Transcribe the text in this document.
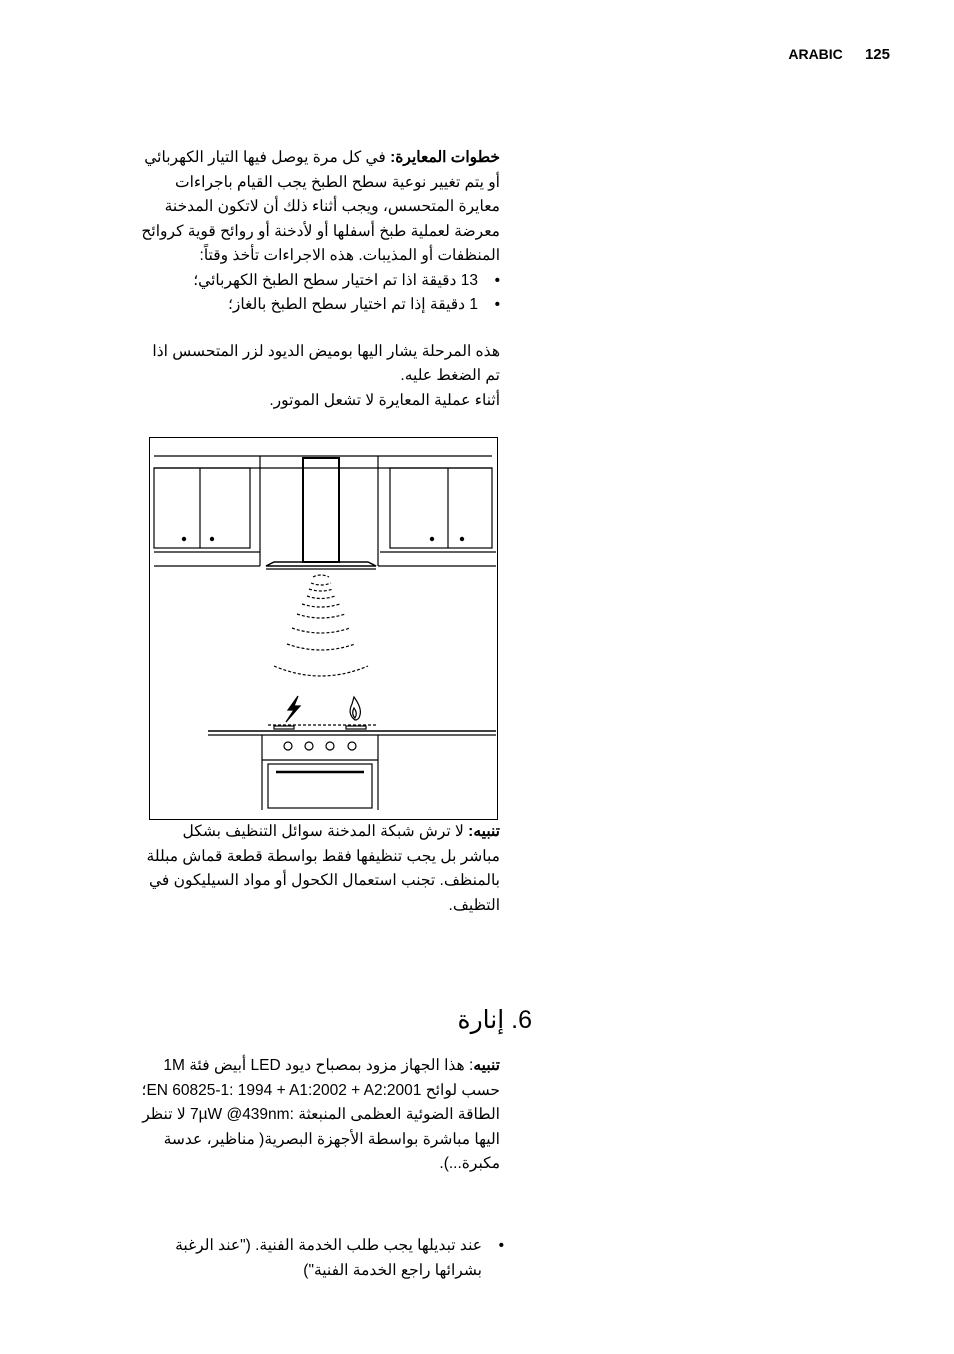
ARABIC 125

خطوات المعايرة: في كل مرة يوصل فيها التيار الكهربائي أو يتم تغيير نوعية سطح الطبخ يجب القيام باجراءات معايرة المتحسس، ويجب أثناء ذلك أن لاتكون المدخنة معرضة لعملية طبخ أسفلها أو لأدخنة أو روائح قوية كروائح المنظفات أو المذيبات. هذه الاجراءات تأخذ وقتاً:

• 13 دقيقة اذا تم اختيار سطح الطبخ الكهربائي؛
• 1 دقيقة إذا تم اختيار سطح الطبخ بالغاز؛

هذه المرحلة يشار اليها بوميض الديود لزر المتحسس اذا تم الضغط عليه.

أثناء عملية المعايرة لا تشعل الموتور.

تنبيه: لا ترش شبكة المدخنة سوائل التنظيف بشكل مباشر بل يجب تنظيفها فقط بواسطة قطعة قماش مبللة بالمنظف. تجنب استعمال الكحول أو مواد السيليكون في التظيف.

6. إنارة

تنبيه: هذا الجهاز مزود بمصباح ديود LED أبيض فئة 1M حسب لوائح EN 60825-1: 1994 + A1:2002 + A2:2001؛ الطاقة الضوئية العظمى المنبعثة 7µW ‎@439nm:‎ لا تنظر اليها مباشرة بواسطة الأجهزة البصرية( مناظير، عدسة مكبرة...).

• عند تبديلها يجب طلب الخدمة الفنية. ("عند الرغبة بشرائها راجع الخدمة الفنية")
